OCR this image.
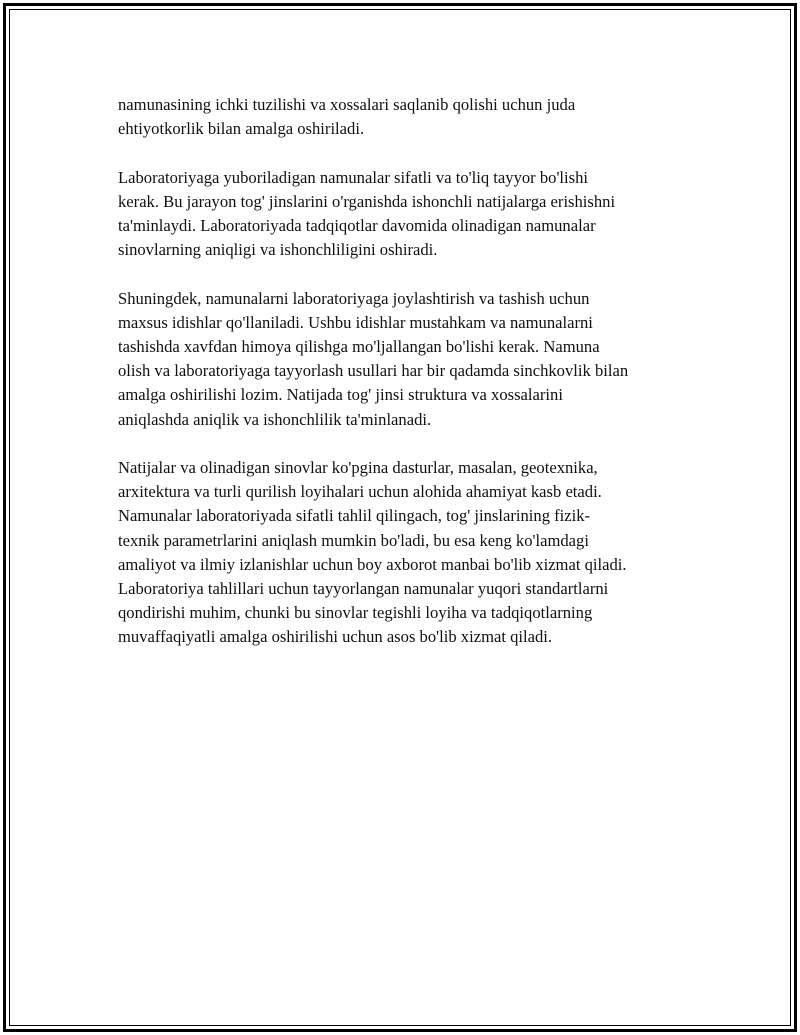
namunasining ichki tuzilishi va xossalari saqlanib qolishi uchun juda
ehtiyotkorlik bilan amalga oshiriladi.

Laboratoriyaga yuboriladigan namunalar sifatli va to'liq tayyor bo'lishi
kerak. Bu jarayon tog' jinslarini o'rganishda ishonchli natijalarga erishishni
ta'minlaydi. Laboratoriyada tadqiqotlar davomida olinadigan namunalar
sinovlarning aniqligi va ishonchliligini oshiradi.

Shuningdek, namunalarni laboratoriyaga joylashtirish va tashish uchun
maxsus idishlar qo'llaniladi. Ushbu idishlar mustahkam va namunalarni
tashishda xavfdan himoya qilishga mo'ljallangan bo'lishi kerak. Namuna
olish va laboratoriyaga tayyorlash usullari har bir qadamda sinchkovlik bilan
amalga oshirilishi lozim. Natijada tog' jinsi struktura va xossalarini
aniqlashda aniqlik va ishonchlilik ta'minlanadi.

Natijalar va olinadigan sinovlar ko'pgina dasturlar, masalan, geotexnika,
arxitektura va turli qurilish loyihalari uchun alohida ahamiyat kasb etadi.
Namunalar laboratoriyada sifatli tahlil qilingach, tog' jinslarining fizik-
texnik parametrlarini aniqlash mumkin bo'ladi, bu esa keng ko'lamdagi
amaliyot va ilmiy izlanishlar uchun boy axborot manbai bo'lib xizmat qiladi.
Laboratoriya tahlillari uchun tayyorlangan namunalar yuqori standartlarni
qondirishi muhim, chunki bu sinovlar tegishli loyiha va tadqiqotlarning
muvaffaqiyatli amalga oshirilishi uchun asos bo'lib xizmat qiladi.
